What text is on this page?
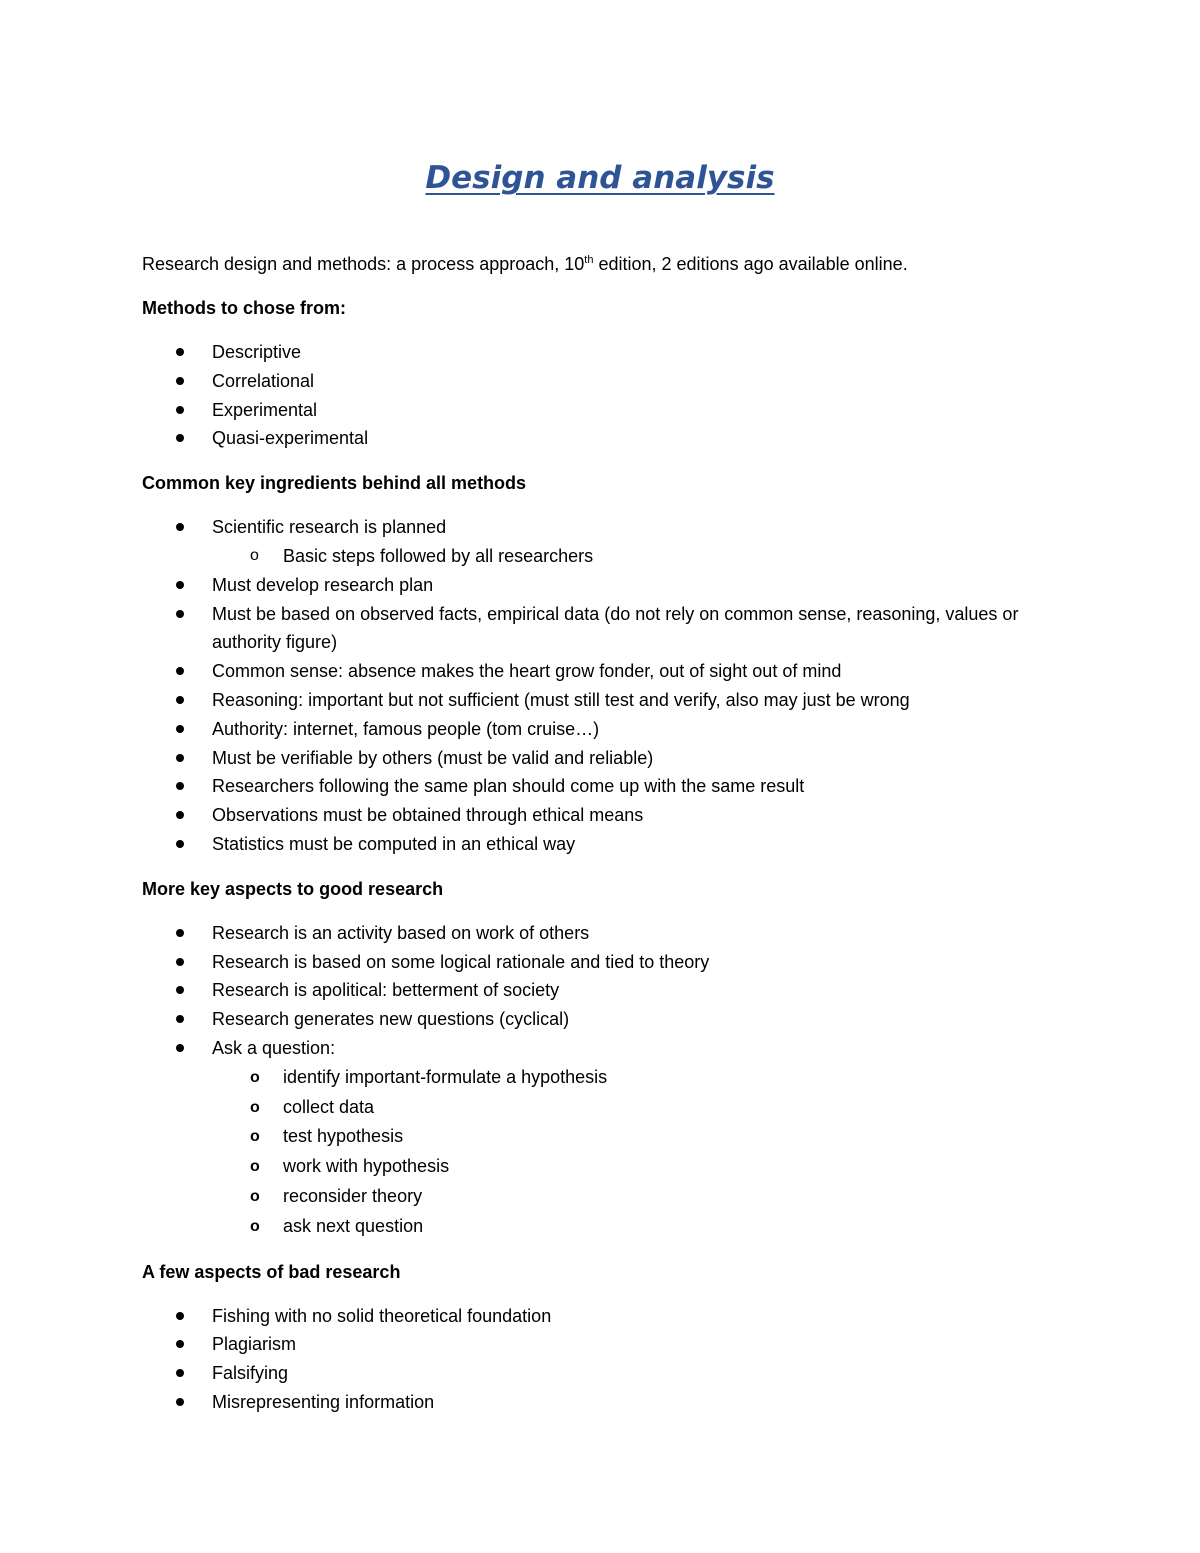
Design and analysis

Research design and methods: a process approach, 10th edition, 2 editions ago available online.

Methods to chose from:
Descriptive
Correlational
Experimental
Quasi-experimental
Common key ingredients behind all methods
Scientific research is planned
o Basic steps followed by all researchers
Must develop research plan
Must be based on observed facts, empirical data (do not rely on common sense, reasoning, values or authority figure)
Common sense: absence makes the heart grow fonder, out of sight out of mind
Reasoning: important but not sufficient (must still test and verify, also may just be wrong
Authority: internet, famous people (tom cruise…)
Must be verifiable by others (must be valid and reliable)
Researchers following the same plan should come up with the same result
Observations must be obtained through ethical means
Statistics must be computed in an ethical way
More key aspects to good research
Research is an activity based on work of others
Research is based on some logical rationale and tied to theory
Research is apolitical: betterment of society
Research generates new questions (cyclical)
Ask a question:
o identify important-formulate a hypothesis
o collect data
o test hypothesis
o work with hypothesis
o reconsider theory
o ask next question
A few aspects of bad research
Fishing with no solid theoretical foundation
Plagiarism
Falsifying
Misrepresenting information
